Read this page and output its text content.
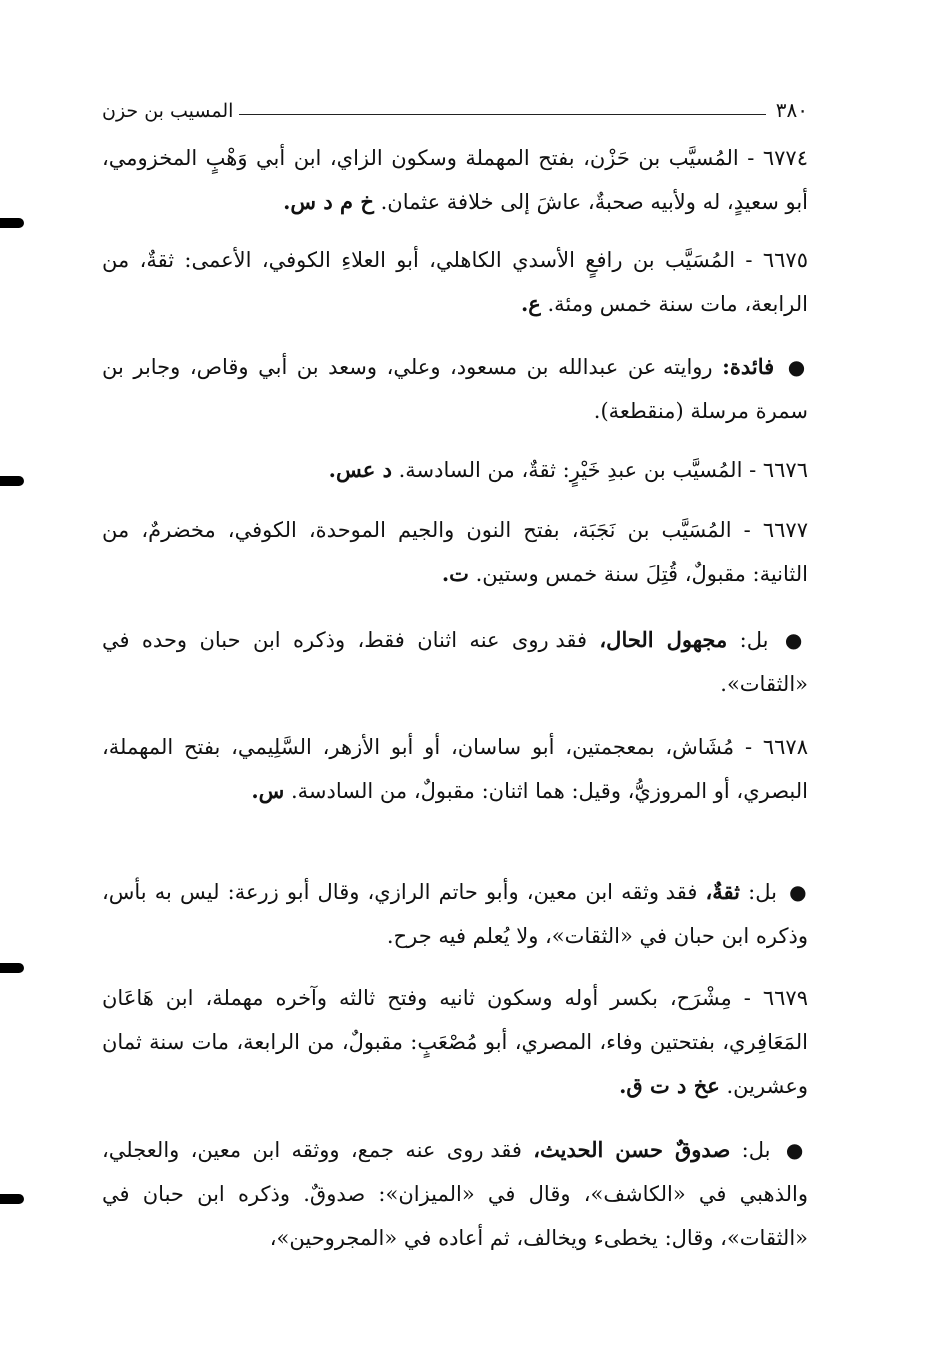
٣٨٠
المسيب بن حزن

٦٧٧٤ - المُسيَّب بن حَزْن، بفتح المهملة وسكون الزاي، ابن أبي وَهْبٍ المخزومي، أبو سعيدٍ، له ولأبيه صحبةٌ، عاشَ إلى خلافة عثمان. خ م د س.

٦٦٧٥ - المُسَيَّب بن رافعٍ الأسدي الكاهلي، أبو العلاءِ الكوفي، الأعمى: ثقةٌ، من الرابعة، مات سنة خمس ومئة. ع.

● فائدة: روايته عن عبدالله بن مسعود، وعلي، وسعد بن أبي وقاص، وجابر بن سمرة مرسلة (منقطعة).

٦٦٧٦ - المُسيَّب بن عبدِ خَيْرٍ: ثقةٌ، من السادسة. د عس.

٦٦٧٧ - المُسَيَّب بن نَجَبَة، بفتح النون والجيم الموحدة، الكوفي، مخضرمٌ، من الثانية: مقبولٌ، قُتِلَ سنة خمس وستين. ت.

● بل: مجهول الحال، فقد روى عنه اثنان فقط، وذكره ابن حبان وحده في «الثقات».

٦٦٧٨ - مُشَاش، بمعجمتين، أبو ساسان، أو أبو الأزهر، السَّلِيمي، بفتح المهملة، البصري، أو المروزيُّ، وقيل: هما اثنان: مقبولٌ، من السادسة. س.

● بل: ثقةٌ، فقد وثقه ابن معين، وأبو حاتم الرازي، وقال أبو زرعة: ليس به بأس، وذكره ابن حبان في «الثقات»، ولا يُعلم فيه جرح.

٦٦٧٩ - مِشْرَح، بكسر أوله وسكون ثانيه وفتح ثالثه وآخره مهملة، ابن هَاعَان المَعَافِري، بفتحتين وفاء، المصري، أبو مُصْعَبٍ: مقبولٌ، من الرابعة، مات سنة ثمان وعشرين. عخ د ت ق.

● بل: صدوقٌ حسن الحديث، فقد روى عنه جمع، ووثقه ابن معين، والعجلي، والذهبي في «الكاشف»، وقال في «الميزان»: صدوقٌ. وذكره ابن حبان في «الثقات»، وقال: يخطىء ويخالف، ثم أعاده في «المجروحين»،
